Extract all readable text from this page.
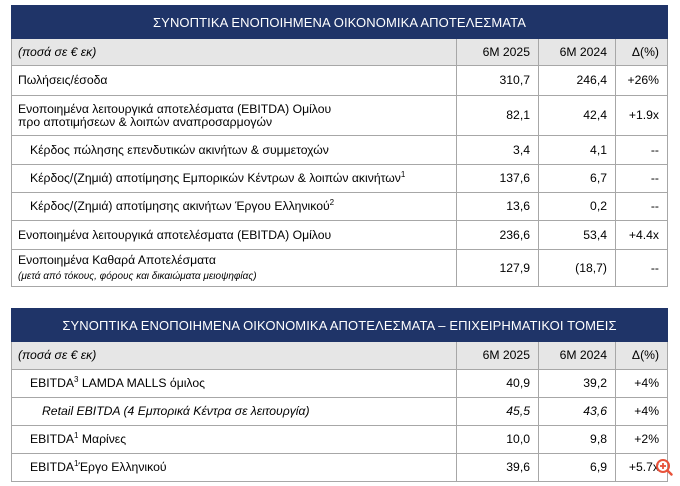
ΣΥΝΟΠΤΙΚΑ ΕΝΟΠΟΙΗΜΕΝΑ ΟΙΚΟΝΟΜΙΚΑ ΑΠΟΤΕΛΕΣΜΑΤΑ			
(ποσά σε € εκ)	6M 2025	6M 2024	Δ(%)
Πωλήσεις/έσοδα	310,7	246,4	+26%
Ενοποιημένα λειτουργικά αποτελέσματα (EBITDA) Ομίλου
προ αποτιμήσεων & λοιπών αναπροσαρμογών	82,1	42,4	+1.9x
Κέρδος πώλησης επενδυτικών ακινήτων & συμμετοχών	3,4	4,1	--
Κέρδος/(Ζημιά) αποτίμησης Εμπορικών Κέντρων & λοιπών ακινήτων$^1$	137,6	6,7	--
Κέρδος/(Ζημιά) αποτίμησης ακινήτων Έργου Ελληνικού$^2$	13,6	0,2	--
Ενοποιημένα λειτουργικά αποτελέσματα (EBITDA) Ομίλου	236,6	53,4	+4.4x
Ενοποιημένα Καθαρά Αποτελέσματα
(μετά από τόκους, φόρους και δικαιώματα μειοψηφίας)	127,9	(18,7)	--
ΣΥΝΟΠΤΙΚΑ ΕΝΟΠΟΙΗΜΕΝΑ ΟΙΚΟΝΟΜΙΚΑ ΑΠΟΤΕΛΕΣΜΑΤΑ – ΕΠΙΧΕΙΡΗΜΑΤΙΚΟΙ ΤΟΜΕΙΣ			
(ποσά σε € εκ)	6M 2025	6M 2024	Δ(%)
EBITDA$^3$ LAMDA MALLS όμιλος	40,9	39,2	+4%
Retail EBITDA (4 Εμπορικά Κέντρα σε λειτουργία)	45,5	43,6	+4%
EBITDA$^1$ Μαρίνες	10,0	9,8	+2%
EBITDA$^1$Έργο Ελληνικού	39,6	6,9	+5.7x
